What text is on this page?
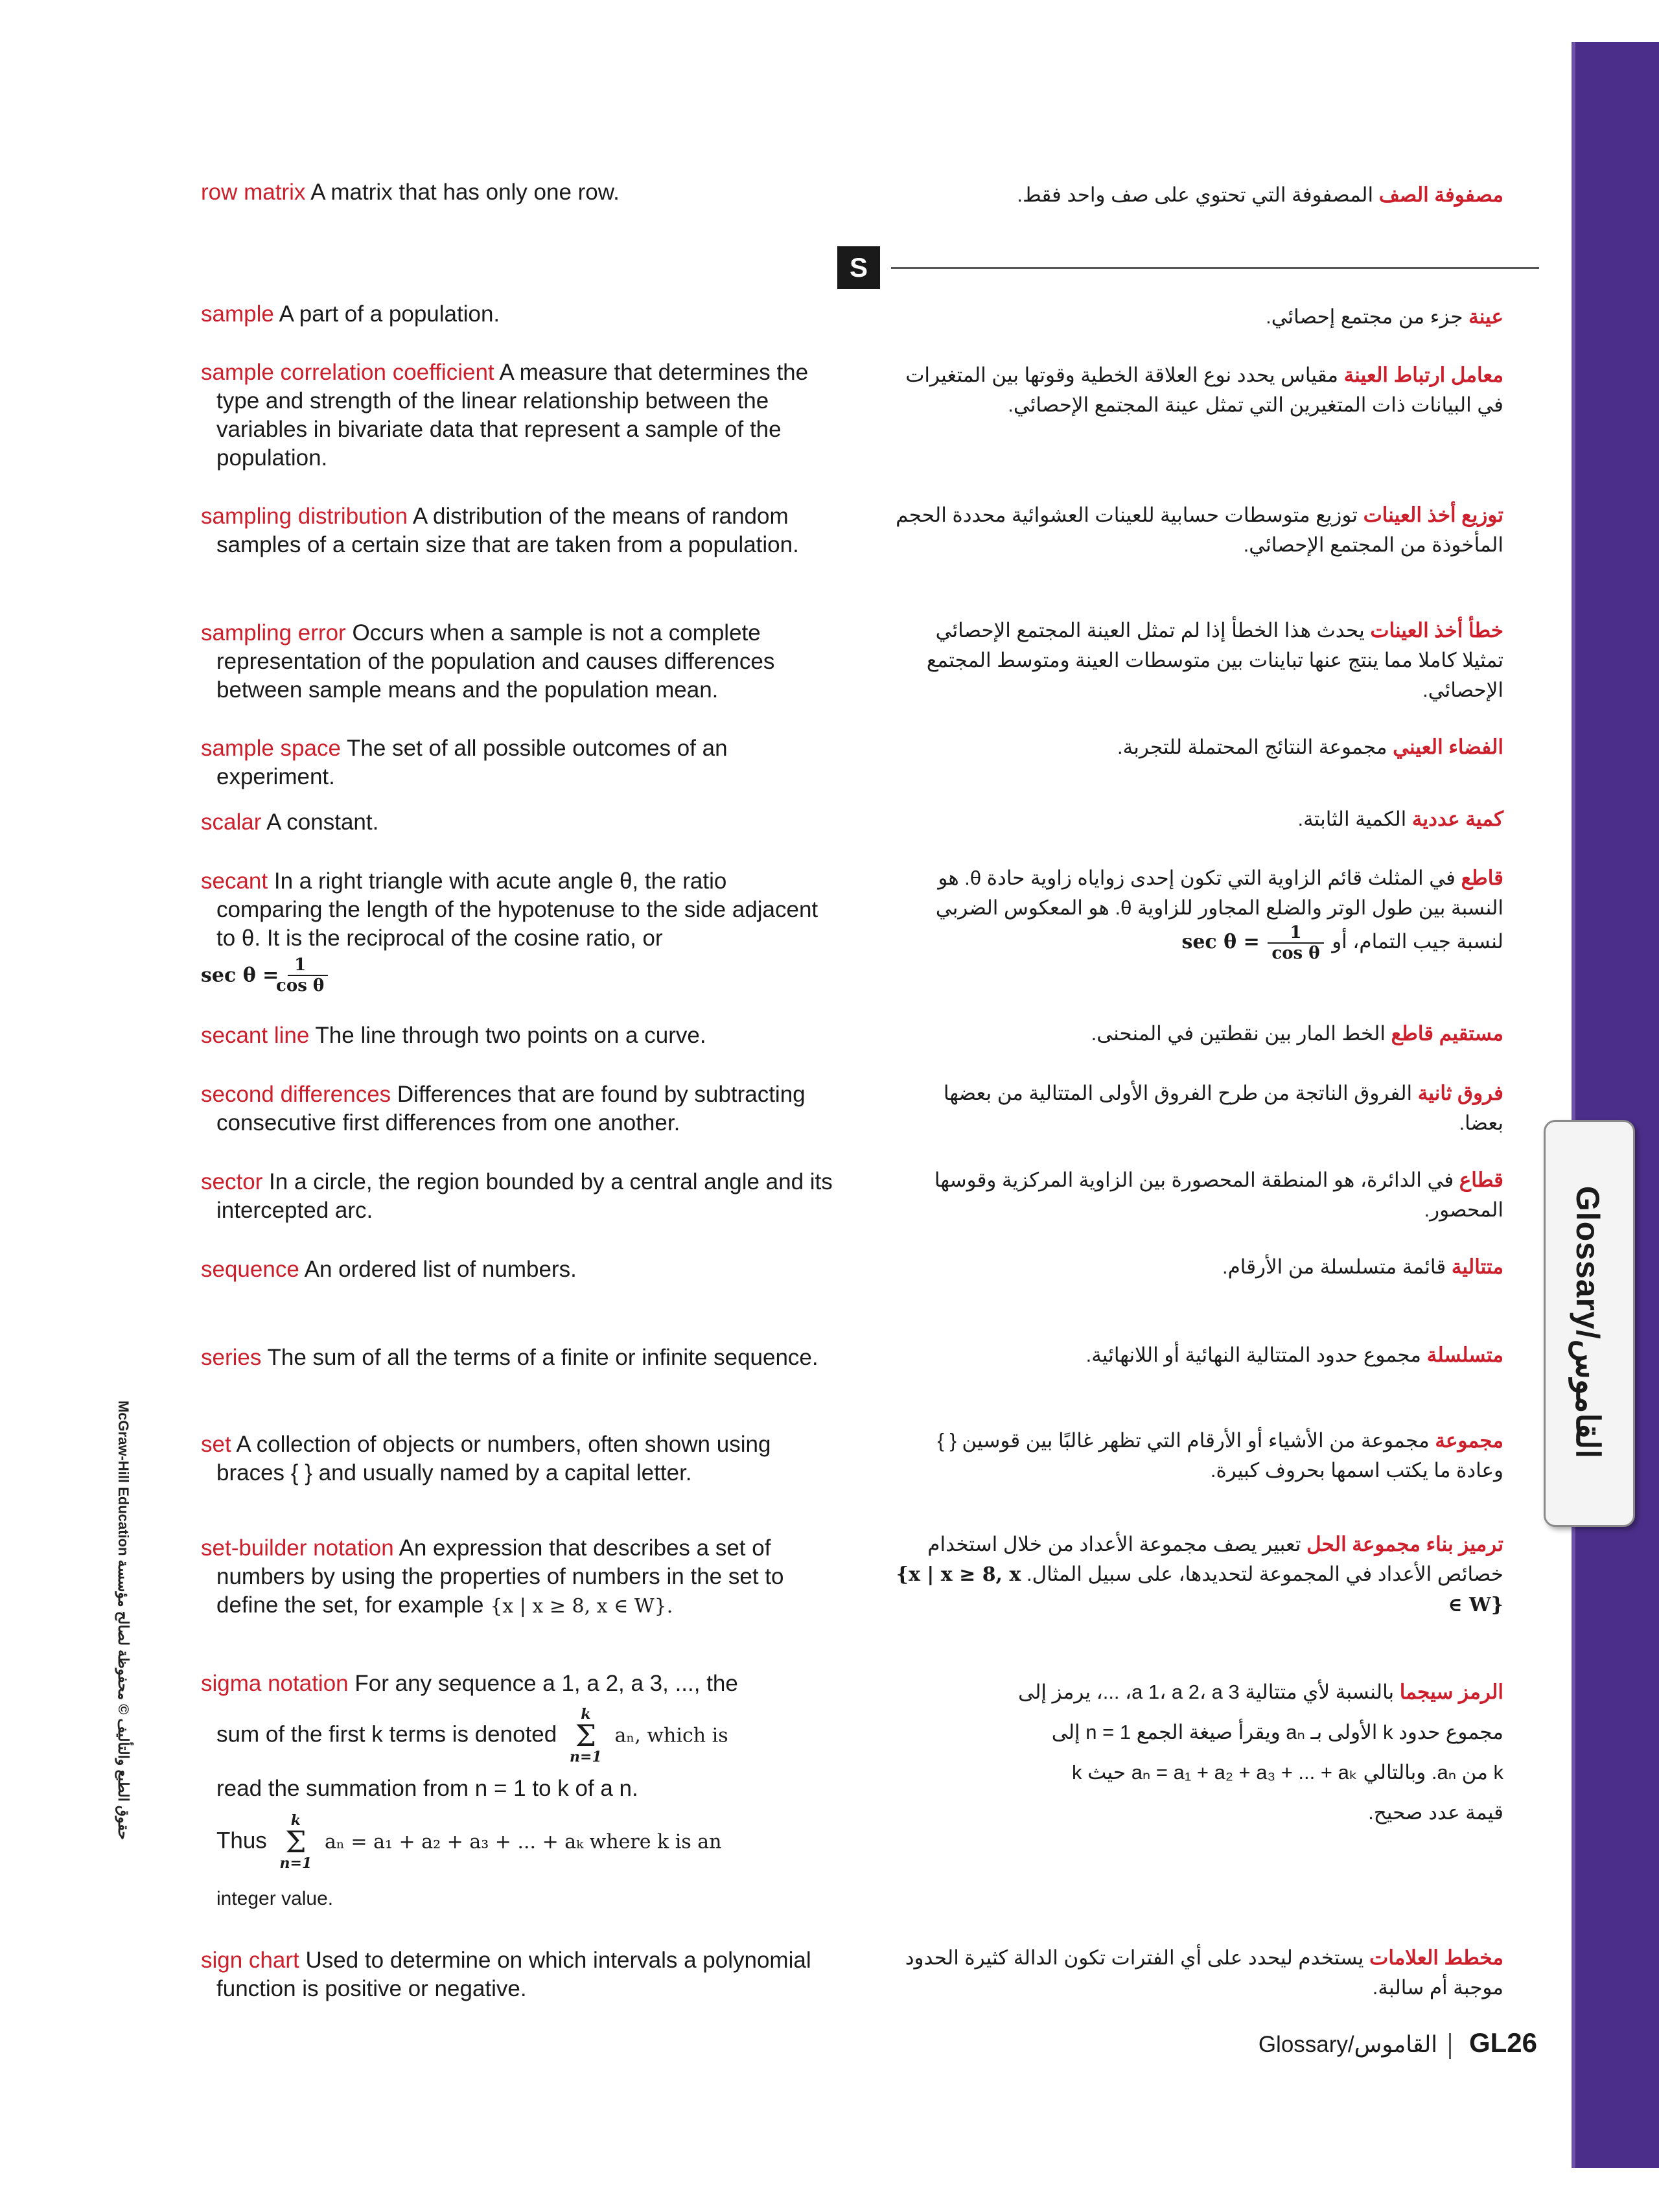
Glossary/القاموس
McGraw-Hill Education حقوق الطبع والتأليف © محفوظة لصالح مؤسسة
S
row matrix A matrix that has only one row.	مصفوفة الصف المصفوفة التي تحتوي على صف واحد فقط.
sample A part of a population.	عينة جزء من مجتمع إحصائي.
sample correlation coefficient A measure that determines the type and strength of the linear relationship between the variables in bivariate data that represent a sample of the population.
معامل ارتباط العينة مقياس يحدد نوع العلاقة الخطية وقوتها بين المتغيرات في البيانات ذات المتغيرين التي تمثل عينة المجتمع الإحصائي.
sampling distribution A distribution of the means of random samples of a certain size that are taken from a population.
توزيع أخذ العينات توزيع متوسطات حسابية للعينات العشوائية محددة الحجم المأخوذة من المجتمع الإحصائي.
sampling error Occurs when a sample is not a complete representation of the population and causes differences between sample means and the population mean.
خطأ أخذ العينات يحدث هذا الخطأ إذا لم تمثل العينة المجتمع الإحصائي تمثيلا كاملا مما ينتج عنها تباينات بين متوسطات العينة ومتوسط المجتمع الإحصائي.
sample space The set of all possible outcomes of an experiment.
الفضاء العيني مجموعة النتائج المحتملة للتجربة.
scalar A constant.	كمية عددية الكمية الثابتة.
secant In a right triangle with acute angle θ, the ratio comparing the length of the hypotenuse to the side adjacent to θ. It is the reciprocal of the cosine ratio, or
$\sec \theta = \frac{1}{\text{cos θ}}$
قاطع في المثلث قائم الزاوية التي تكون إحدى زواياه زاوية حادة θ. هو النسبة بين طول الوتر والضلع المجاور للزاوية θ. هو المعكوس الضربي لنسبة جيب التمام، أو $\sec \theta = \frac{1}{\text{cos θ}}$
secant line The line through two points on a curve.	مستقيم قاطع الخط المار بين نقطتين في المنحنى.
second differences Differences that are found by subtracting consecutive first differences from one another.
فروق ثانية الفروق الناتجة من طرح الفروق الأولى المتتالية من بعضها بعضا.
sector In a circle, the region bounded by a central angle and its intercepted arc.
قطاع في الدائرة، هو المنطقة المحصورة بين الزاوية المركزية وقوسها المحصور.
sequence An ordered list of numbers.	متتالية قائمة متسلسلة من الأرقام.
series The sum of all the terms of a finite or infinite sequence.	متسلسلة مجموع حدود المتتالية النهائية أو اللانهائية.
set A collection of objects or numbers, often shown using braces { } and usually named by a capital letter.
مجموعة مجموعة من الأشياء أو الأرقام التي تظهر غالبًا بين قوسين { } وعادة ما يكتب اسمها بحروف كبيرة.
set-builder notation An expression that describes a set of numbers by using the properties of numbers in the set to define the set, for example {x | x ≥ 8, x ∈ W}.
ترميز بناء مجموعة الحل تعبير يصف مجموعة الأعداد من خلال استخدام خصائص الأعداد في المجموعة لتحديدها، على سبيل المثال. {x | x ≥ 8, x ∈ W}
sigma notation For any sequence a 1, a 2, a 3, ..., the
sum of the first k terms is denoted
k
Σ
n=1
aₙ, which is
read the summation from n = 1 to k of a n.
Thus
k
Σ
n=1
aₙ = a₁ + a₂ + a₃ + ... + aₖ where k is an
integer value.
الرمز سيجما بالنسبة لأي متتالية a 1، a 2، a 3، ...، يرمز إلى
مجموع حدود k الأولى بـ aₙ ويقرأ صيغة الجمع n = 1 إلى
k من aₙ. وبالتالي aₙ = a₁ + a₂ + a₃ + ... + aₖ حيث k
قيمة عدد صحيح.
sign chart Used to determine on which intervals a polynomial function is positive or negative.
مخطط العلامات يستخدم ليحدد على أي الفترات تكون الدالة كثيرة الحدود موجبة أم سالبة.
Glossary/القاموس GL26
